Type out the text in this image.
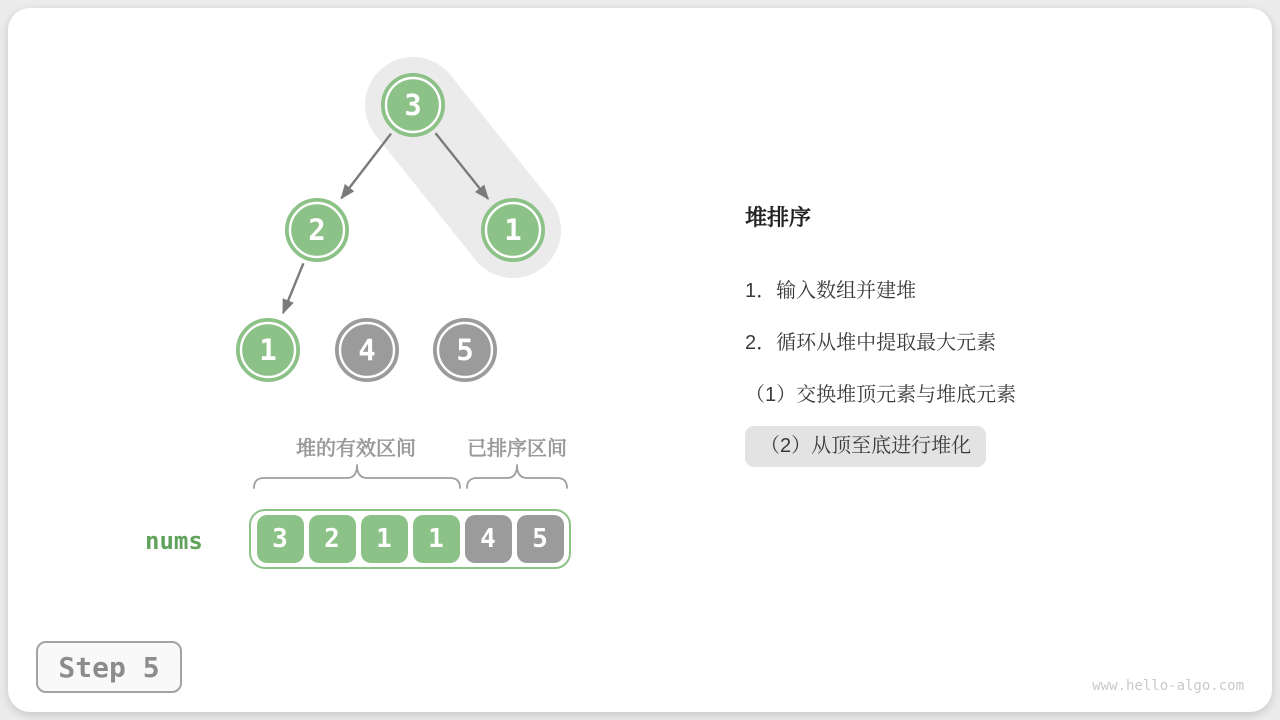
3
2	1
1	4	5
堆的有效区间	已排序区间
nums	3	2	1	1	4	5
堆排序
1．输入数组并建堆
2．循环从堆中提取最大元素
（1）交换堆顶元素与堆底元素
（2）从顶至底进行堆化
Step 5
www.hello-algo.com
